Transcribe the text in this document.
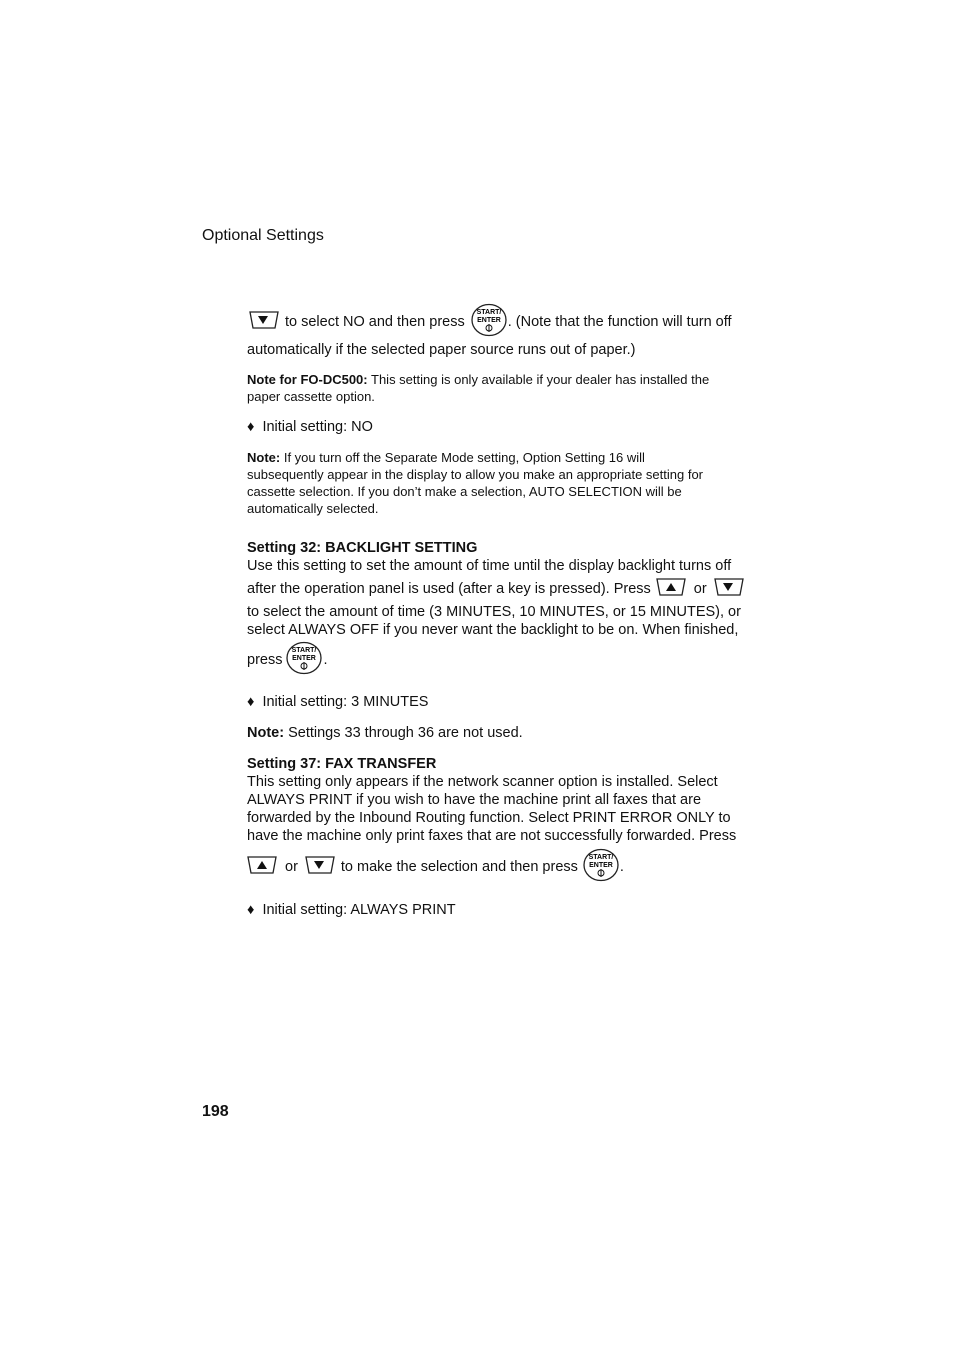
Optional Settings
to select NO and then press
START/
ENTER . (Note that the function will turn off
automatically if the selected paper source runs out of paper.)
Note for FO-DC500: This setting is only available if your dealer has installed the
paper cassette option.
♦ Initial setting: NO
Note: If you turn off the Separate Mode setting, Option Setting 16 will
subsequently appear in the display to allow you make an appropriate setting for
cassette selection. If you don’t make a selection, AUTO SELECTION will be
automatically selected.
Setting 32: BACKLIGHT SETTING
Use this setting to set the amount of time until the display backlight turns off
after the operation panel is used (after a key is pressed). Press	or
to select the amount of time (3 MINUTES, 10 MINUTES, or 15 MINUTES), or
select ALWAYS OFF if you never want the backlight to be on. When finished,
press
START/
ENTER .
♦ Initial setting: 3 MINUTES
Note: Settings 33 through 36 are not used.
Setting 37: FAX TRANSFER
This setting only appears if the network scanner option is installed. Select
ALWAYS PRINT if you wish to have the machine print all faxes that are
forwarded by the Inbound Routing function. Select PRINT ERROR ONLY to
have the machine only print faxes that are not successfully forwarded. Press
or	to make the selection and then press
START/
ENTER .
♦ Initial setting: ALWAYS PRINT
198
